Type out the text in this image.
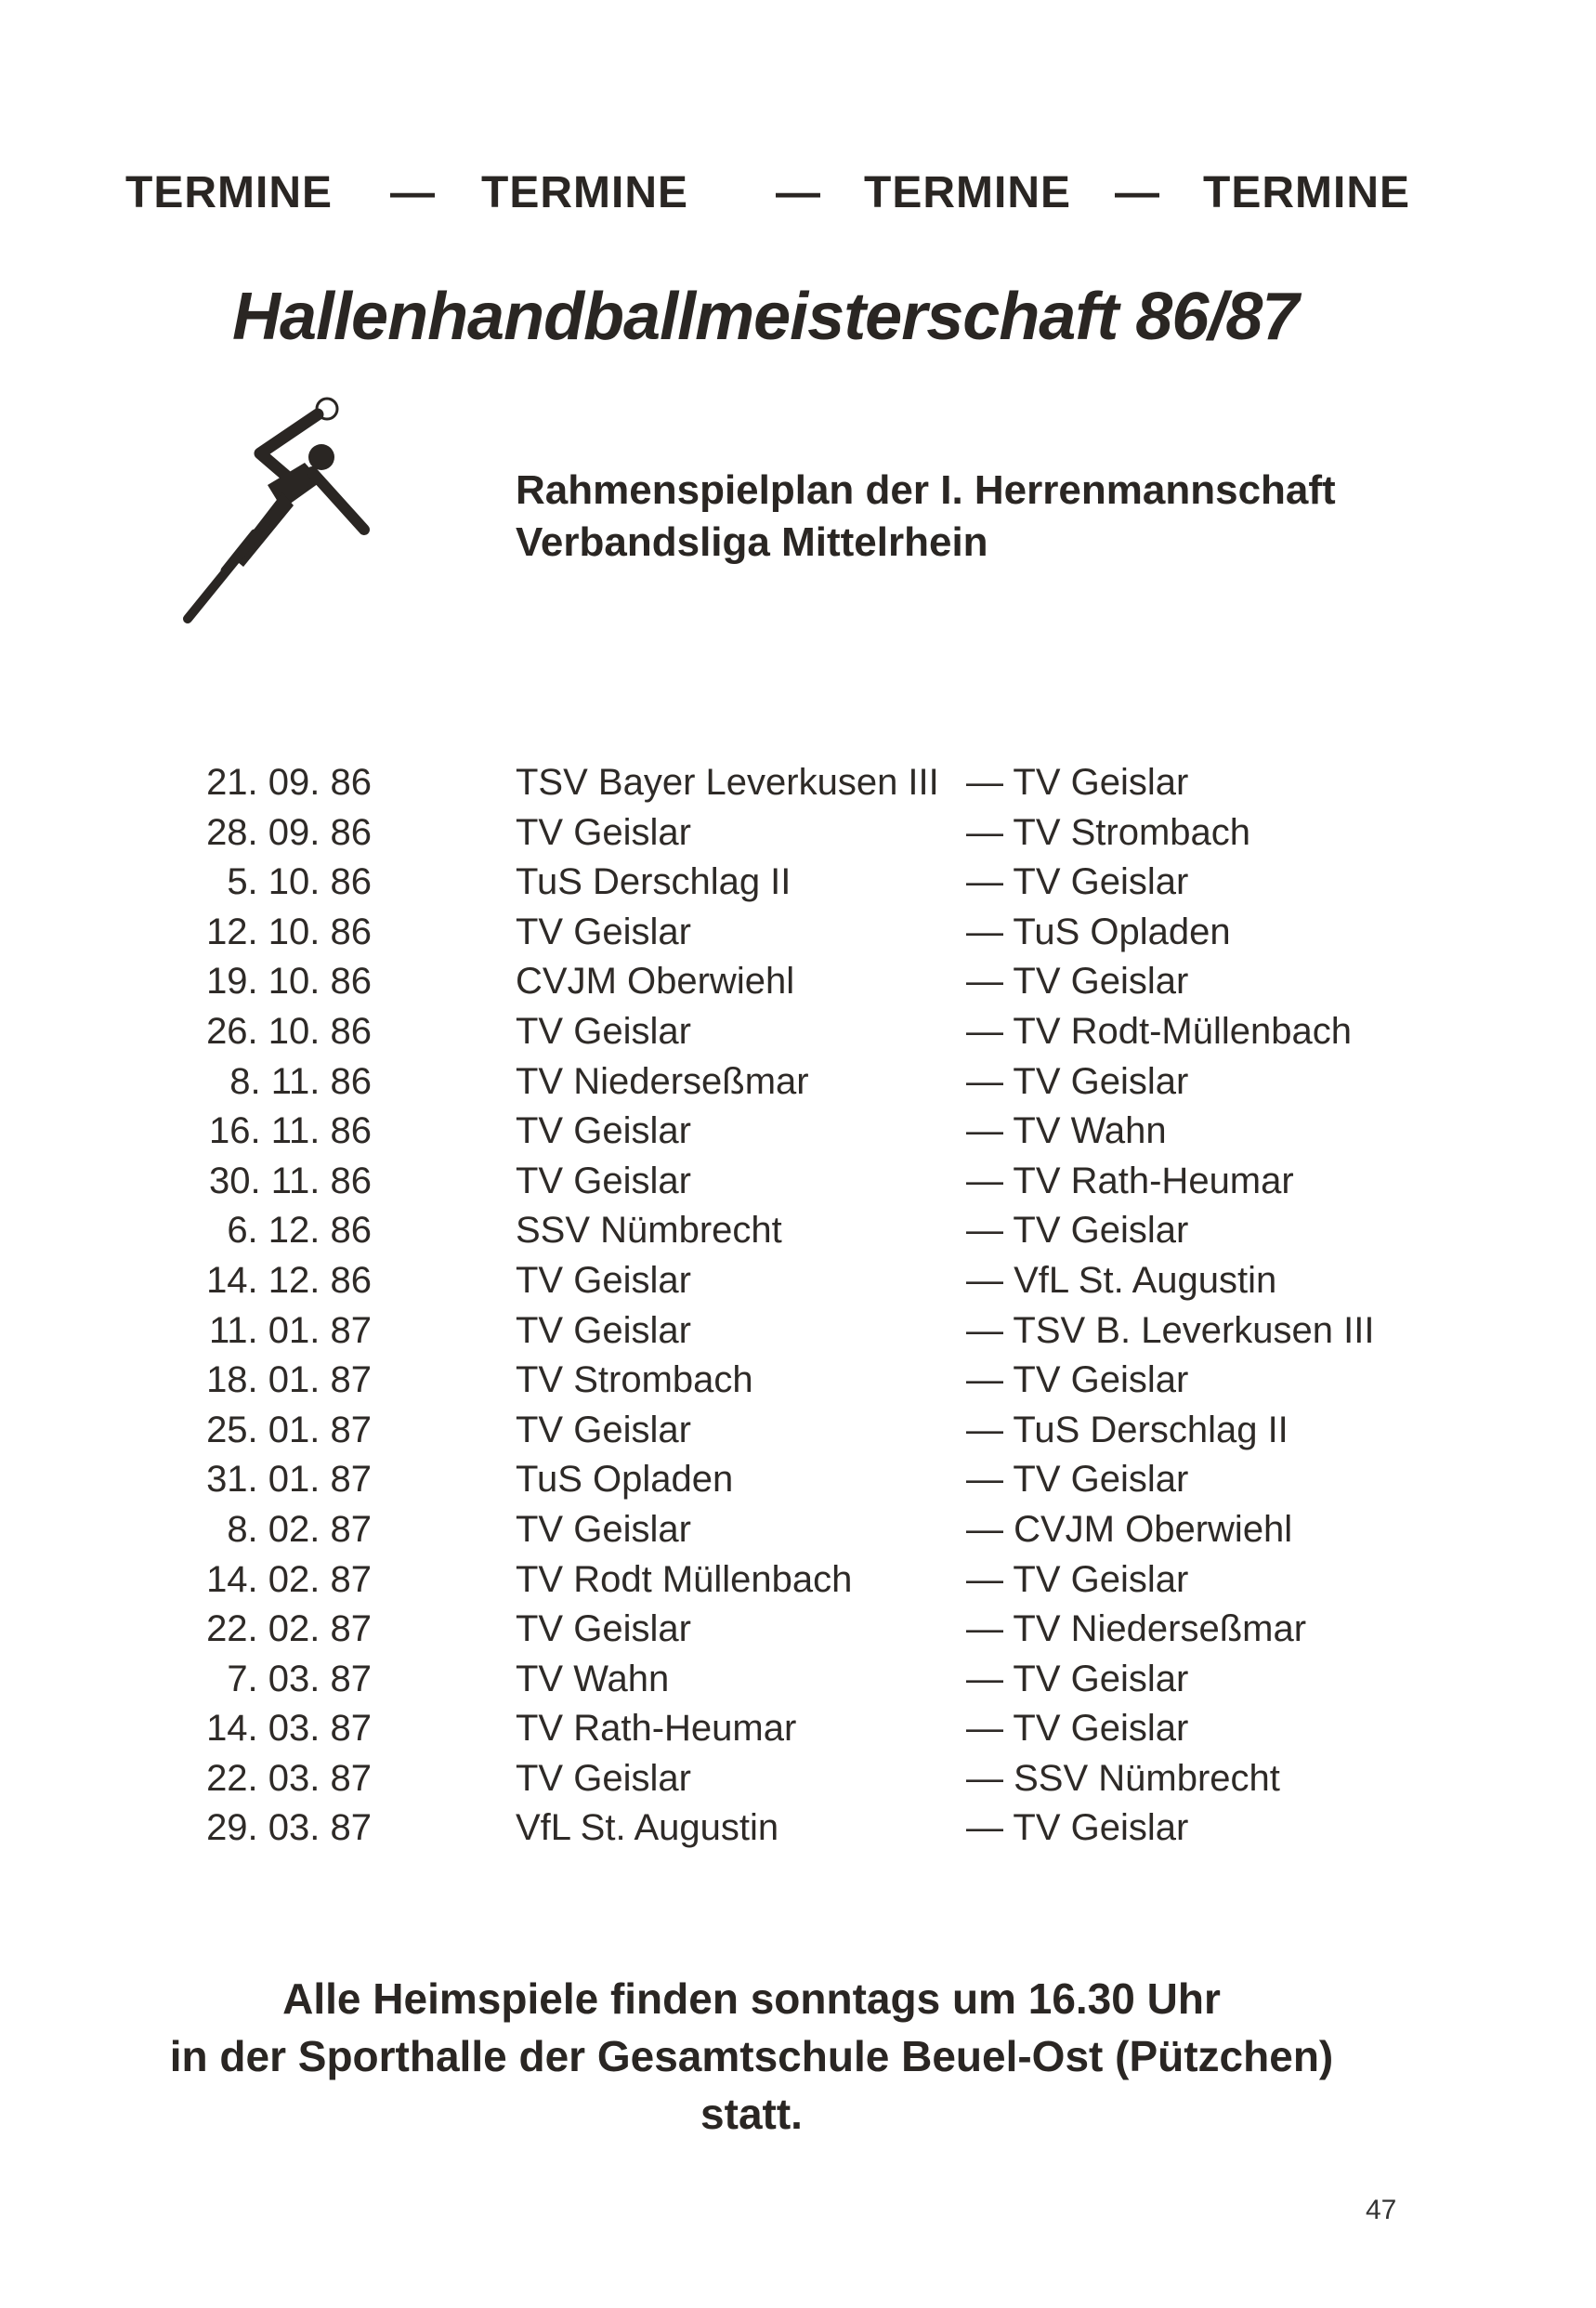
TERMINE — TERMINE — TERMINE — TERMINE
Hallenhandballmeisterschaft 86/87
Rahmenspielplan der I. Herrenmannschaft
Verbandsliga Mittelrhein
21. 09. 86	TSV Bayer Leverkusen III — TV Geislar
28. 09. 86	TV Geislar	— TV Strombach
5. 10. 86	TuS Derschlag II	— TV Geislar
12. 10. 86	TV Geislar	— TuS Opladen
19. 10. 86	CVJM Oberwiehl	— TV Geislar
26. 10. 86	TV Geislar	— TV Rodt-Müllenbach
8. 11. 86	TV Niederseßmar	— TV Geislar
16. 11. 86	TV Geislar	— TV Wahn
30. 11. 86	TV Geislar	— TV Rath-Heumar
6. 12. 86	SSV Nümbrecht	— TV Geislar
14. 12. 86	TV Geislar	— VfL St. Augustin
11. 01. 87	TV Geislar	— TSV B. Leverkusen III
18. 01. 87	TV Strombach	— TV Geislar
25. 01. 87	TV Geislar	— TuS Derschlag II
31. 01. 87	TuS Opladen	— TV Geislar
8. 02. 87	TV Geislar	— CVJM Oberwiehl
14. 02. 87	TV Rodt Müllenbach	— TV Geislar
22. 02. 87	TV Geislar	— TV Niederseßmar
7. 03. 87	TV Wahn	— TV Geislar
14. 03. 87	TV Rath-Heumar	— TV Geislar
22. 03. 87	TV Geislar	— SSV Nümbrecht
29. 03. 87	VfL St. Augustin	— TV Geislar
Alle Heimspiele finden sonntags um 16.30 Uhr
in der Sporthalle der Gesamtschule Beuel-Ost (Pützchen)
statt.
47
